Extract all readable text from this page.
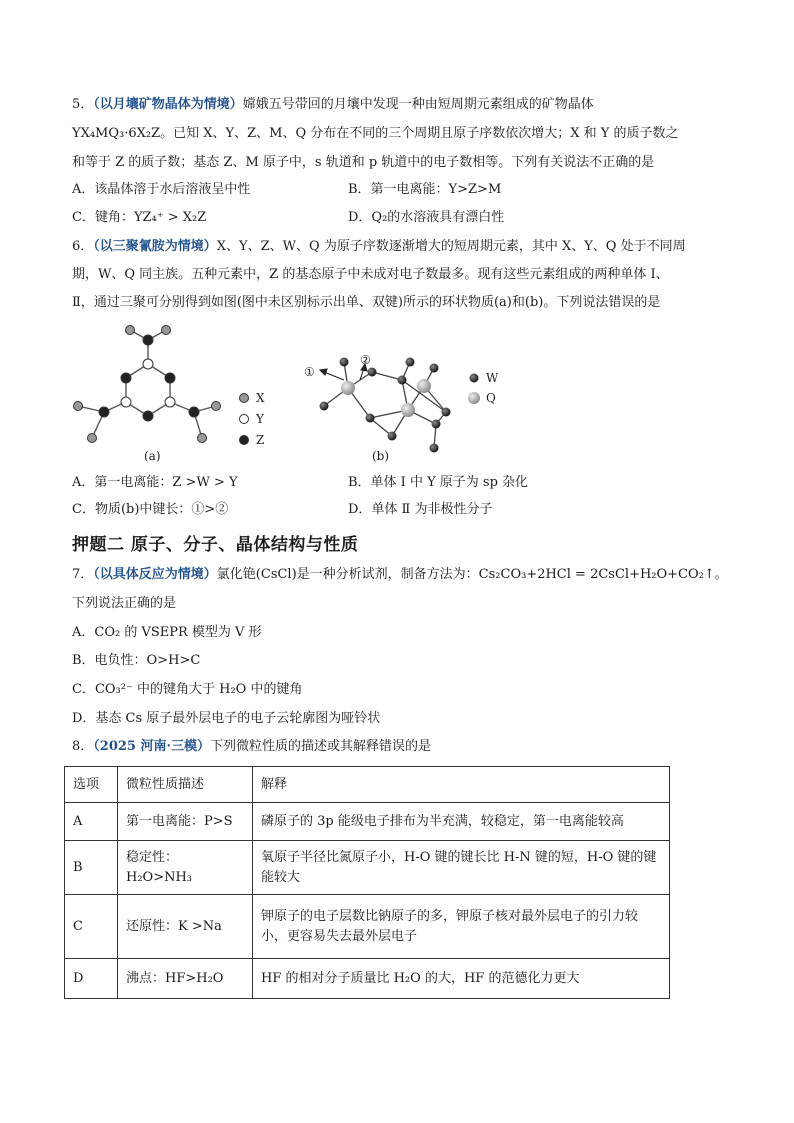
5．（以月壤矿物晶体为情境）嫦娥五号带回的月壤中发现一种由短周期元素组成的矿物晶体
YX₄MQ₃·6X₂Z。已知 X、Y、Z、M、Q 分布在不同的三个周期且原子序数依次增大；X 和 Y 的质子数之
和等于 Z 的质子数；基态 Z、M 原子中，s 轨道和 p 轨道中的电子数相等。下列有关说法不正确的是
A．该晶体溶于水后溶液呈中性	B．第一电离能：Y>Z>M
C．键角：YZ₄⁺ > X₂Z	D．Q₂的水溶液具有漂白性
6．（以三聚氰胺为情境）X、Y、Z、W、Q 为原子序数逐渐增大的短周期元素，其中 X、Y、Q 处于不同周
期，W、Q 同主族。五种元素中，Z 的基态原子中未成对电子数最多。现有这些元素组成的两种单体 Ⅰ、
Ⅱ，通过三聚可分别得到如图(图中未区别标示出单、双键)所示的环状物质(a)和(b)。下列说法错误的是
(a)
X
Y
Z
①
②
(b)
W
Q
A．第一电离能：Z >W > Y	B．单体 Ⅰ 中 Y 原子为 sp 杂化
C．物质(b)中键长：①>②	D．单体 Ⅱ 为非极性分子
押题二 原子、分子、晶体结构与性质
7．（以具体反应为情境）氯化铯(CsCl)是一种分析试剂，制备方法为：Cs₂CO₃+2HCl = 2CsCl+H₂O+CO₂↑。
下列说法正确的是
A．CO₂ 的 VSEPR 模型为 V 形
B．电负性：O>H>C
C．CO₃²⁻ 中的键角大于 H₂O 中的键角
D．基态 Cs 原子最外层电子的电子云轮廓图为哑铃状
8．（2025 河南·三模）下列微粒性质的描述或其解释错误的是
选项	微粒性质描述	解释
A	第一电离能：P>S	磷原子的 3p 能级电子排布为半充满，较稳定，第一电离能较高
B	稳定性：H₂O>NH₃	氧原子半径比氮原子小，H-O 键的键长比 H-N 键的短，H-O 键的键能较大
C	还原性：K >Na	钾原子的电子层数比钠原子的多，钾原子核对最外层电子的引力较小，更容易失去最外层电子
D	沸点：HF>H₂O	HF 的相对分子质量比 H₂O 的大，HF 的范德化力更大
